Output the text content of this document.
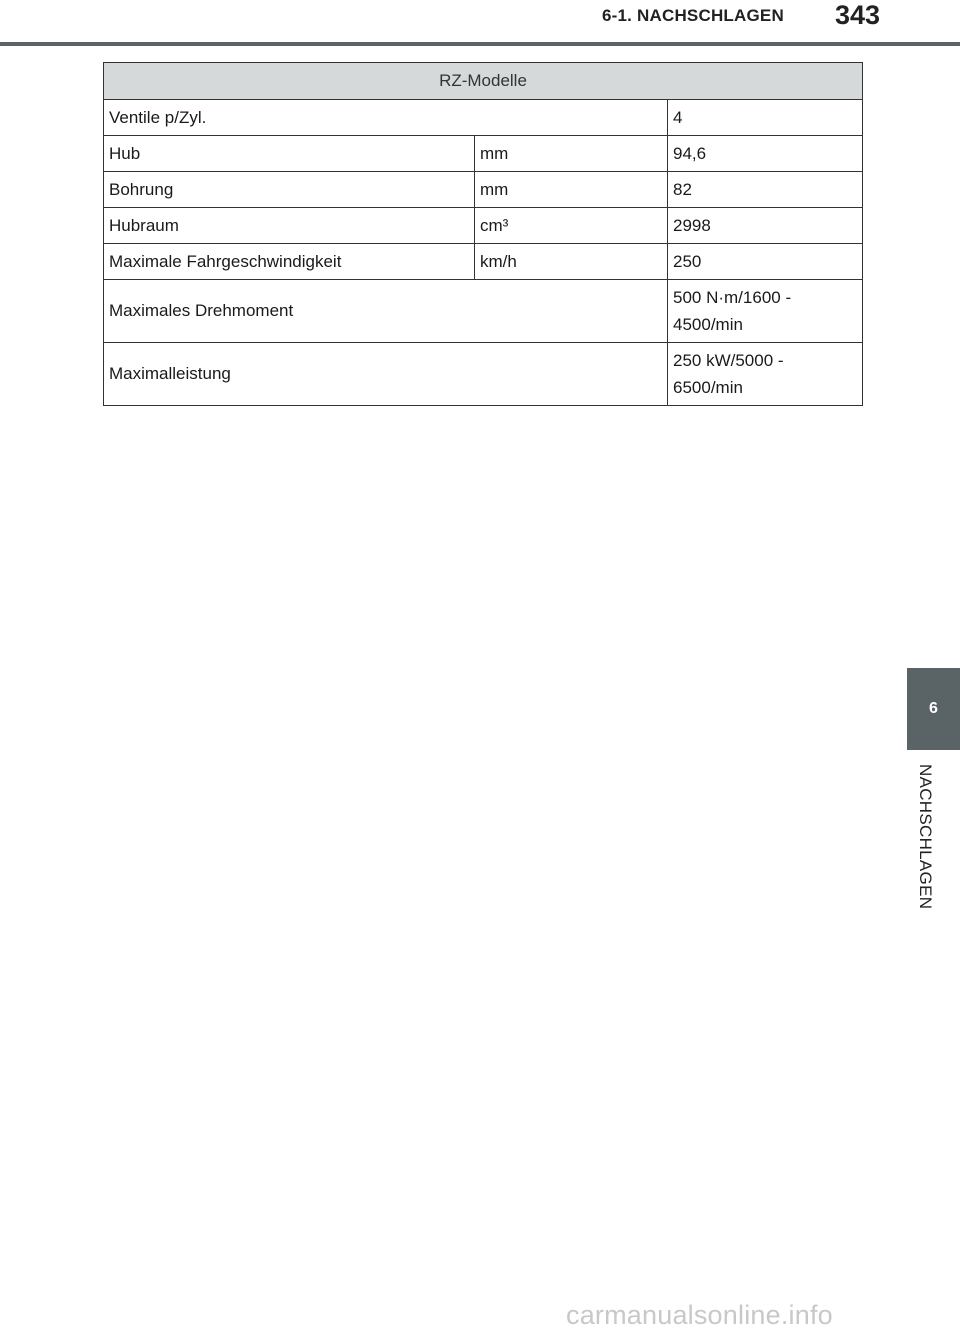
6-1. NACHSCHLAGEN 343
RZ-Modelle		
Ventile p/Zyl.		4
Hub	mm	94,6
Bohrung	mm	82
Hubraum	cm³	2998
Maximale Fahrgeschwindigkeit	km/h	250
Maximales Drehmoment		500 N·m/1600 -
4500/min

Maximalleistung		250 kW/5000 -
6500/min
6
NACHSCHLAGEN
carmanualsonline.info
